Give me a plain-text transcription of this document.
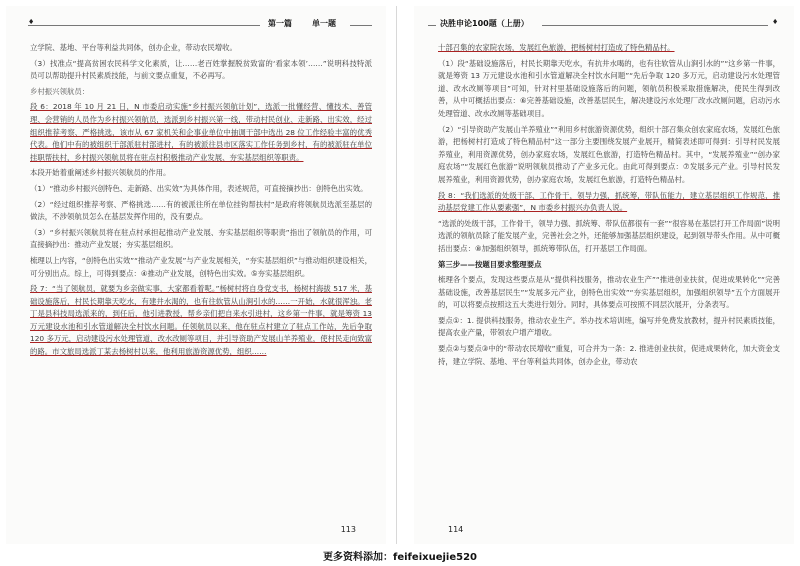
♦	第一篇	单一题

立学院、基地、平台等利益共同体，创办企业，带动农民增收。

（3）找准点“提高贫困农民科学文化素质，让……老百姓掌握脱贫致富的‘看家本领’……”说明科技特派员可以帮助提升村民素质技能，与前文要点重复，不必再写。

乡村振兴领航员：

段 6：2018 年 10 月 21 日，N 市委启动实施“乡村振兴领航计划”，选派一批懂经营、懂技术、善管理、会营销的人员作为乡村振兴领航员，选派到乡村振兴第一线，带动村民创业、走新路、出实效，经过组织推荐考察、严格挑选，该市从 67 家机关和企事业单位中抽调干部中选出 28 位工作经验丰富的优秀代表。他们中有的被组织干部派驻村部进村，有的被派往县市区落实工作任务到乡村，有的被派驻在单位挂职帮扶村，乡村振兴领航员将在驻点村积极推动产业发展、夯实基层组织等职责。

本段开始着重阐述乡村振兴领航员的作用。

（1）“推动乡村振兴创特色、走新路、出实效”为具体作用，表述规范，可直接摘抄出：创特色出实效。

（2）“经过组织推荐考察、严格挑选……有的被派往所在单位挂钩帮扶村”是政府将领航员选派至基层的做法，不涉领航员怎么在基层发挥作用的，没有要点。

（3）“乡村振兴领航员将在驻点村承担起推动产业发展、夯实基层组织等职责”指出了领航员的作用，可直接摘抄出：推动产业发展；夯实基层组织。

梳理以上内容，“创特色出实效”“推动产业发展”与产业发展相关，“夯实基层组织”与推动组织建设相关，可分别出点。综上，可得到要点：④推动产业发展，创特色出实效。⑤夯实基层组织。

段 7：“当了领航员，就要为乡亲做实事，大家都看着呢。”杨树村将自身党支书，杨树村海拔 517 米，基础设施落后，村民长期靠天吃水，有建井水渴的，也有往软管从山涧引水的……一开始，水就很浑浊。老丁是县科技局选派来的，到任后，他引进教授，帮乡亲们把自来水引进村，这乡第一件事，就是筹资 13 万元建设水池和引水管道解决全村饮水问题。任领航员以来，他在驻点村建立了驻点工作站，先后争取 120 多万元，启动建设污水处理管道、改水改厕等项目，并引导资助产发展山羊养殖业，使村民走向致富的路。市文旅局选派丁某去杨树村以来，他利用旅游资源优势，组织……

113
决胜申论100题（上册）	♦

十部召集的农家院农场，发展红色旅游，把杨树村打造成了特色精品村。

（1）段“基础设施落后，村民长期靠天吃水，有抗井水喝的，也有往软管从山涧引水的”“这乡第一件事，就是筹资 13 万元建设水池和引水管道解决全村饮水问题”“先后争取 120 多万元，启动建设污水处理管道、改水改厕等项目”可知，针对村里基础设施落后的问题，领航员积极采取措施解决，使民生得到改善，从中可概括出要点：⑥完善基础设施，改善基层民生，解决建设污水处理厂改水改厕问题，启动污水处理管道、改水改厕等基础项目。

（2）“引导资助产发展山羊养殖业”“利用乡村旅游资源优势，组织十部召集众创农家庭农场，发展红色旅游，把杨树村打造成了特色精品村”这一部分主要围绕发展产业展开，精简表述即可得到：引导村民发展养殖业，利用资源优势，创办家庭农场，发展红色旅游，打造特色精品村。其中，“发展养殖业”“创办家庭农场”“发展红色旅游”说明领航员推动了产业多元化。由此可得到要点：⑦发展多元产业。引导村民发展养殖业，利用资源优势，创办家庭农场，发展红色旅游，打造特色精品村。

段 8：“我们选派的处级干部、工作骨干，领导力强，抓统筹，带队伍能力，建立基层组织工作规范，推动基层党建工作从要素强”，N 市委乡村振兴办负责人说。

“选派的处级干部，工作骨干，领导力强、抓统筹、带队伍都很有一套”“很容易在基层打开工作局面”说明选派的领航员除了能发展产业，完善社会之外，还能够加强基层组织建设，起到领导带头作用。从中可概括出要点：⑧加强组织领导，抓统筹带队伍，打开基层工作局面。

第三步——按题目要求整理要点

梳理各个要点，发现这些要点是从“提供科技服务，推动农业生产”“推进创业扶贫，促进成果转化”“完善基础设施，改善基层民生”“发展多元产业，创特色出实效”“夯实基层组织，加强组织领导”五个方面展开的，可以将要点按照这五大类进行划分。同时，具体要点可按照不同层次展开，分条表写。

要点①：1. 提供科技服务，推动农业生产。举办技术培训班，编写并免费发放教材，提升村民素质技能，提高农业产量，带领农户增产增收。

要点②与要点③中的“带动农民增收”重复，可合并为一条：2. 推进创业扶贫，促进成果转化，加大资金支持，建立学院、基地、平台等利益共同体，创办企业，带动农

114
更多资料添加：feifeixuejie520
